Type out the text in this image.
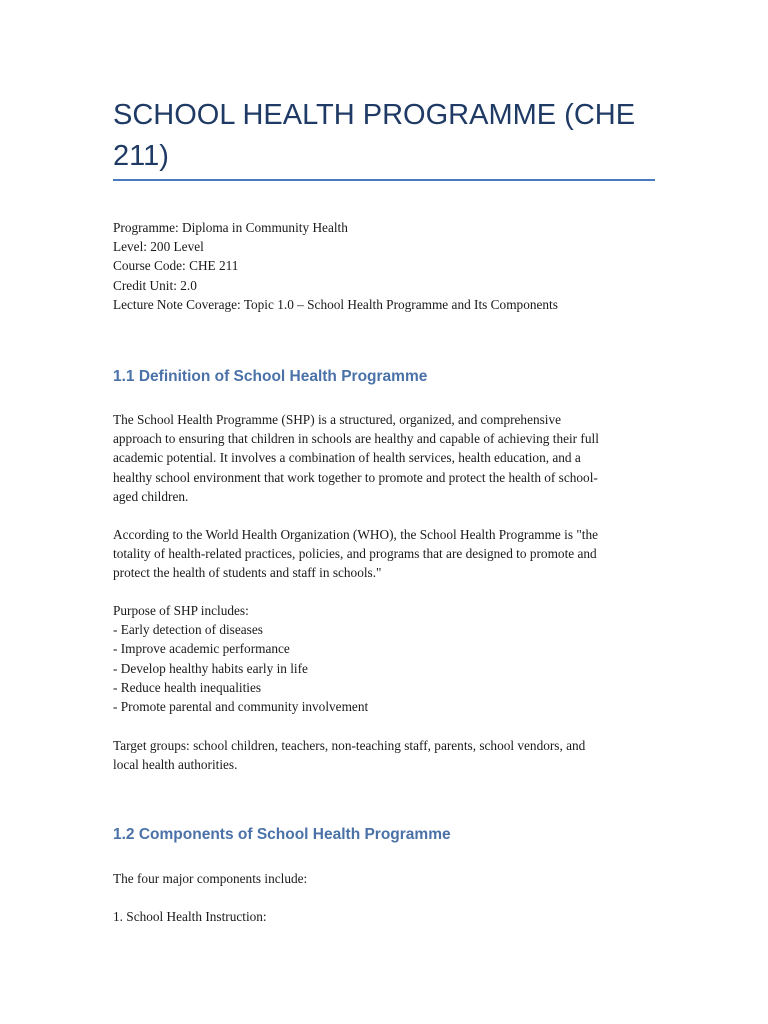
SCHOOL HEALTH PROGRAMME (CHE
211)
Programme: Diploma in Community Health
Level: 200 Level
Course Code: CHE 211
Credit Unit: 2.0
Lecture Note Coverage: Topic 1.0 – School Health Programme and Its Components
1.1 Definition of School Health Programme

The School Health Programme (SHP) is a structured, organized, and comprehensive
approach to ensuring that children in schools are healthy and capable of achieving their full
academic potential. It involves a combination of health services, health education, and a
healthy school environment that work together to promote and protect the health of school-
aged children.

According to the World Health Organization (WHO), the School Health Programme is "the
totality of health-related practices, policies, and programs that are designed to promote and
protect the health of students and staff in schools."

Purpose of SHP includes:
- Early detection of diseases
- Improve academic performance
- Develop healthy habits early in life
- Reduce health inequalities
- Promote parental and community involvement

Target groups: school children, teachers, non-teaching staff, parents, school vendors, and
local health authorities.

1.2 Components of School Health Programme

The four major components include:

1. School Health Instruction:
